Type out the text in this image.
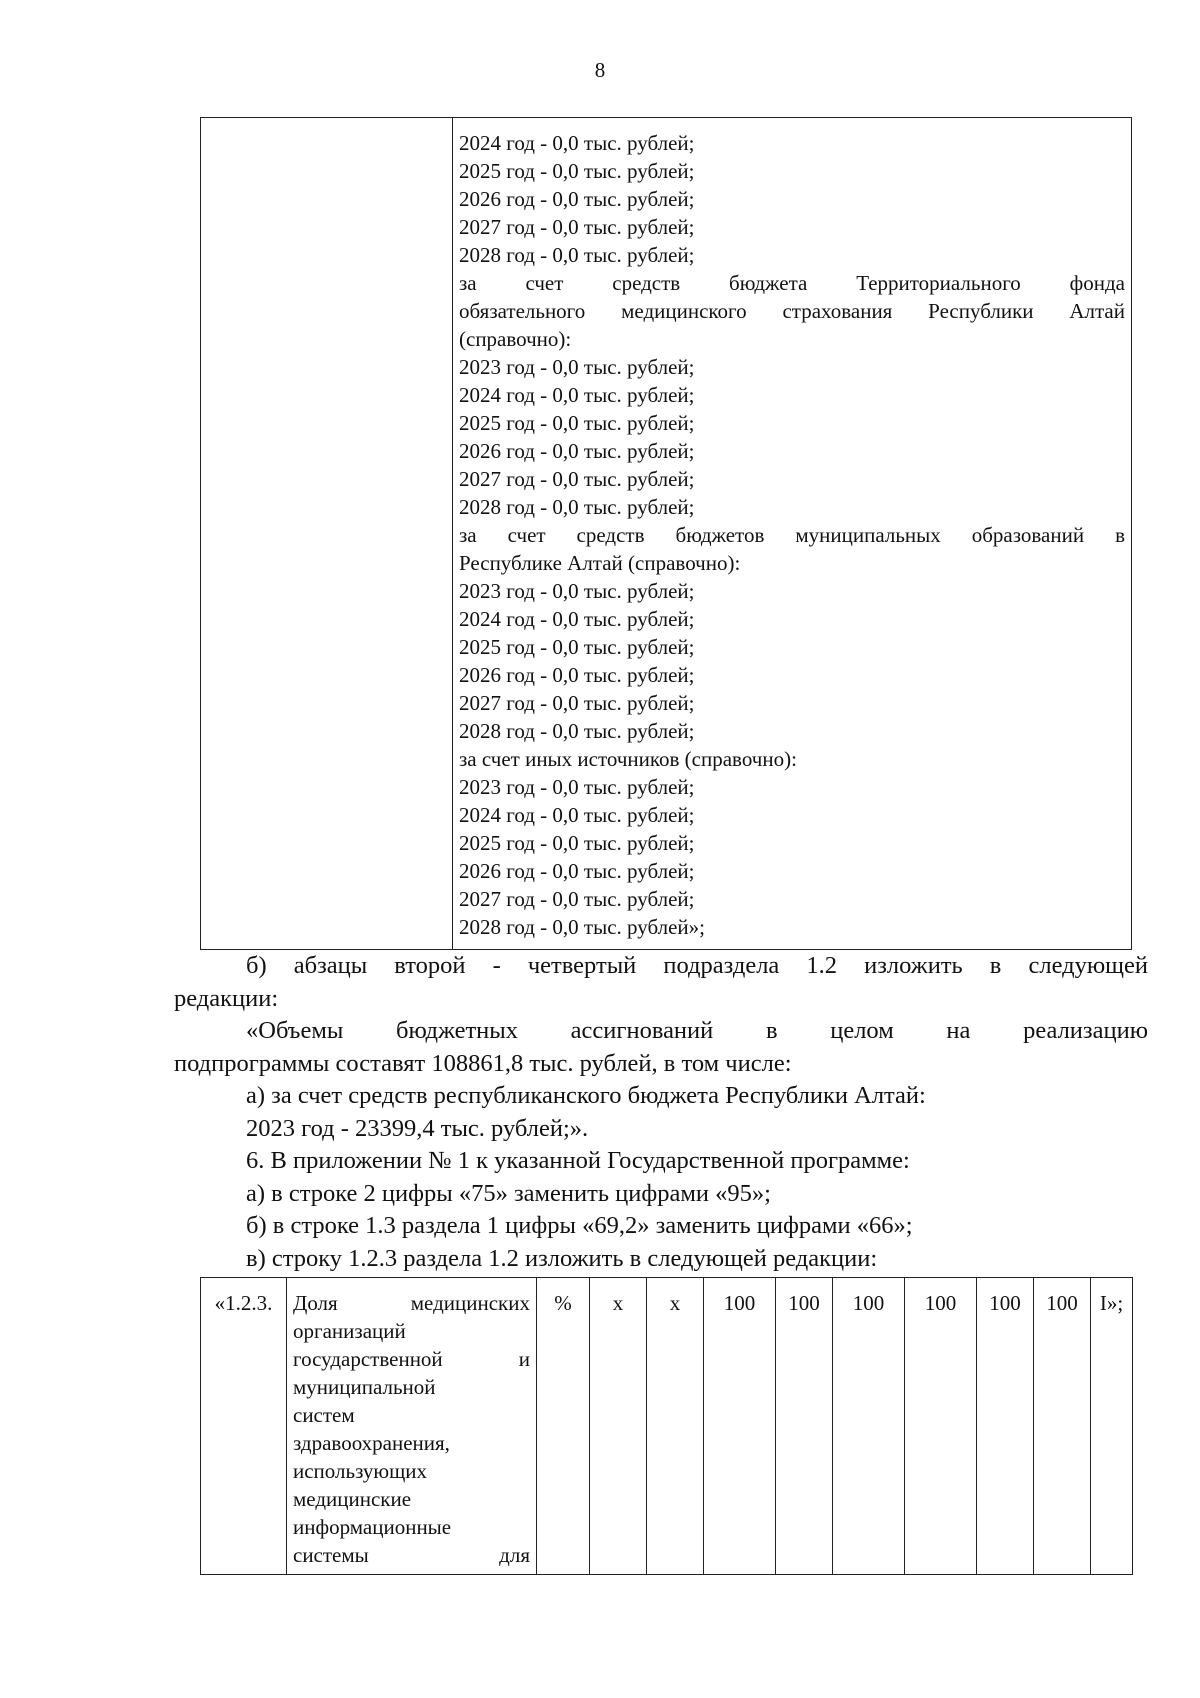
8

2024 год - 0,0 тыс. рублей;
2025 год - 0,0 тыс. рублей;
2026 год - 0,0 тыс. рублей;
2027 год - 0,0 тыс. рублей;
2028 год - 0,0 тыс. рублей;
за счет средств бюджета Территориального фонда
обязательного медицинского страхования Республики Алтай
(справочно):
2023 год - 0,0 тыс. рублей;
2024 год - 0,0 тыс. рублей;
2025 год - 0,0 тыс. рублей;
2026 год - 0,0 тыс. рублей;
2027 год - 0,0 тыс. рублей;
2028 год - 0,0 тыс. рублей;
за счет средств бюджетов муниципальных образований в
Республике Алтай (справочно):
2023 год - 0,0 тыс. рублей;
2024 год - 0,0 тыс. рублей;
2025 год - 0,0 тыс. рублей;
2026 год - 0,0 тыс. рублей;
2027 год - 0,0 тыс. рублей;
2028 год - 0,0 тыс. рублей;
за счет иных источников (справочно):
2023 год - 0,0 тыс. рублей;
2024 год - 0,0 тыс. рублей;
2025 год - 0,0 тыс. рублей;
2026 год - 0,0 тыс. рублей;
2027 год - 0,0 тыс. рублей;
2028 год - 0,0 тыс. рублей»;
б) абзацы второй - четвертый подраздела 1.2 изложить в следующей
редакции:
«Объемы бюджетных ассигнований в целом на реализацию
подпрограммы составят 108861,8 тыс. рублей, в том числе:
а) за счет средств республиканского бюджета Республики Алтай:
2023 год - 23399,4 тыс. рублей;».
6. В приложении № 1 к указанной Государственной программе:
а) в строке 2 цифры «75» заменить цифрами «95»;
б) в строке 1.3 раздела 1 цифры «69,2» заменить цифрами «66»;
в) строку 1.2.3 раздела 1.2 изложить в следующей редакции:
«1.2.3.	Доля медицинских
организаций
государственной и
муниципальной
систем
здравоохранения,
использующих
медицинские
информационные
системы для
	%	х	х	100	100	100	100	100	100	I»;
